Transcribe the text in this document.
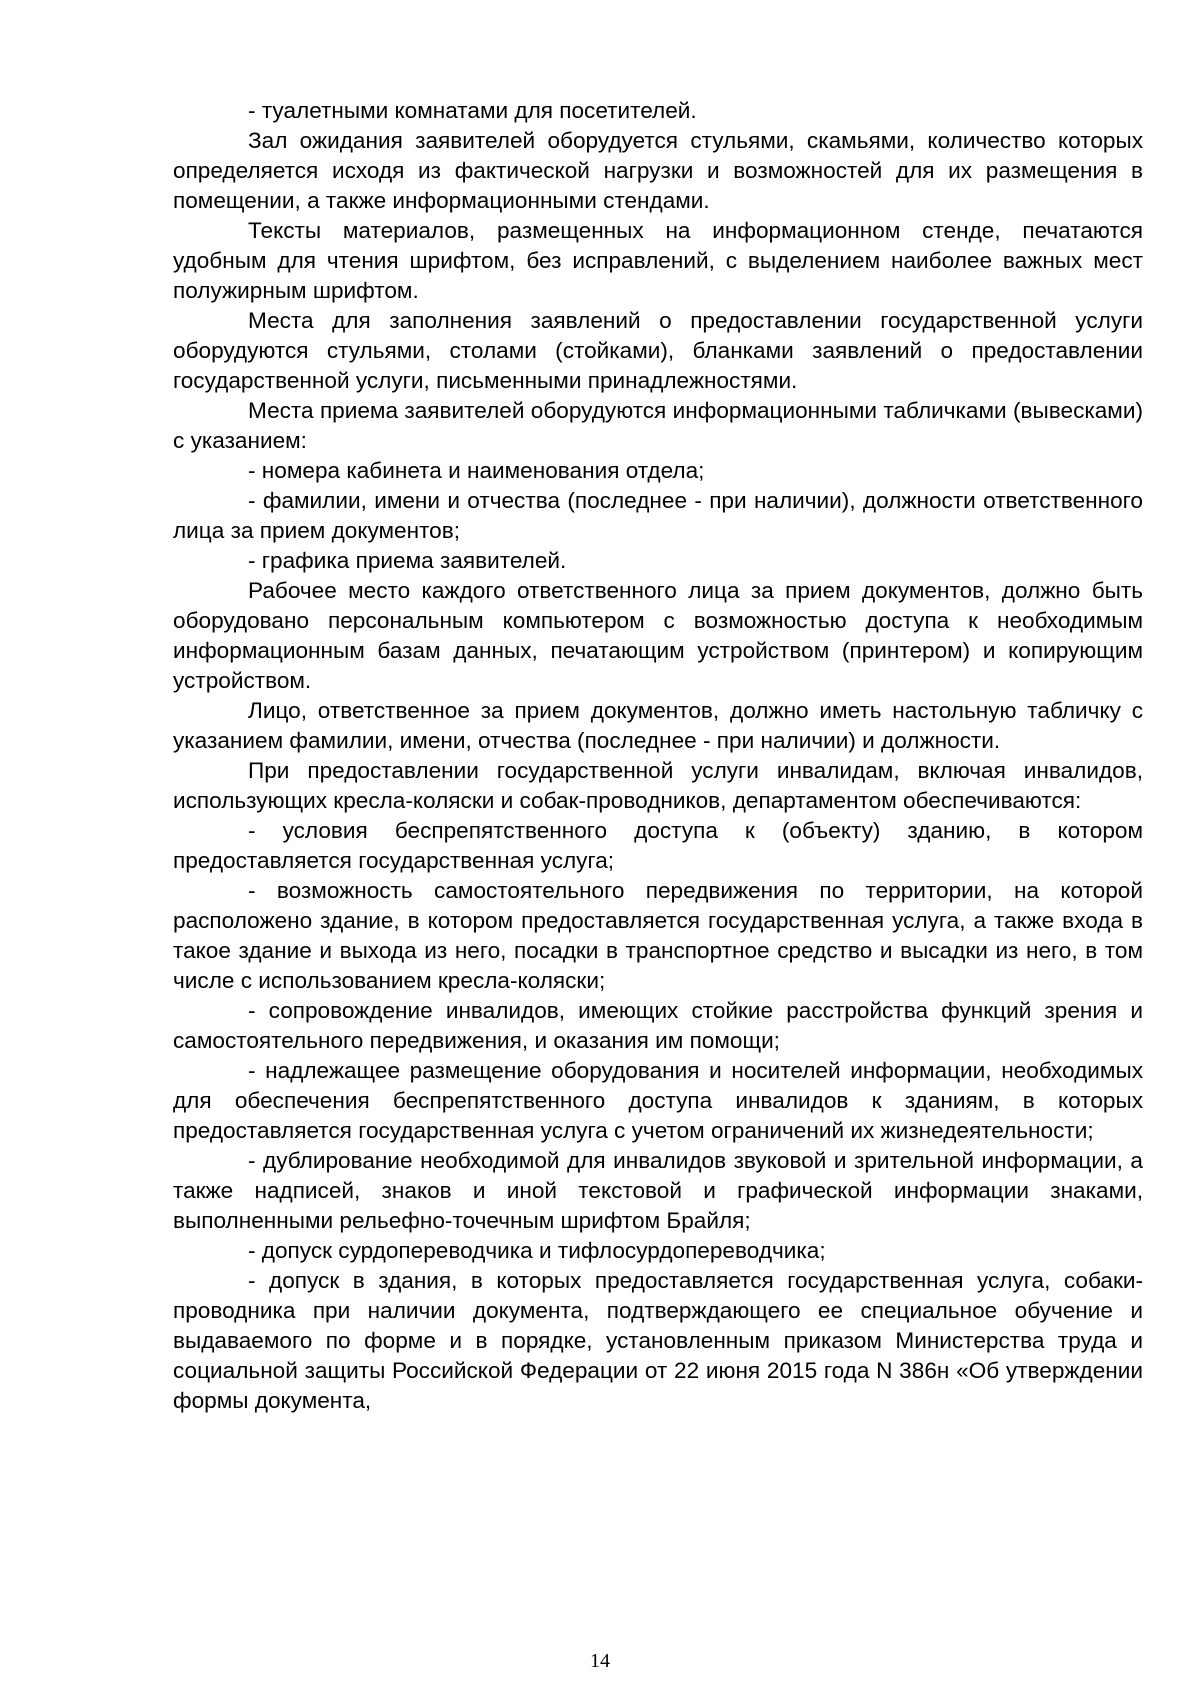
- туалетными комнатами для посетителей.

Зал ожидания заявителей оборудуется стульями, скамьями, количество которых определяется исходя из фактической нагрузки и возможностей для их размещения в помещении, а также информационными стендами.

Тексты материалов, размещенных на информационном стенде, печатаются удобным для чтения шрифтом, без исправлений, с выделением наиболее важных мест полужирным шрифтом.

Места для заполнения заявлений о предоставлении государственной услуги оборудуются стульями, столами (стойками), бланками заявлений о предоставлении государственной услуги, письменными принадлежностями.

Места приема заявителей оборудуются информационными табличками (вывесками) с указанием:

- номера кабинета и наименования отдела;

- фамилии, имени и отчества (последнее - при наличии), должности ответственного лица за прием документов;

- графика приема заявителей.

Рабочее место каждого ответственного лица за прием документов, должно быть оборудовано персональным компьютером с возможностью доступа к необходимым информационным базам данных, печатающим устройством (принтером) и копирующим устройством.

Лицо, ответственное за прием документов, должно иметь настольную табличку с указанием фамилии, имени, отчества (последнее - при наличии) и должности.

При предоставлении государственной услуги инвалидам, включая инвалидов, использующих кресла-коляски и собак-проводников, департаментом обеспечиваются:

- условия беспрепятственного доступа к (объекту) зданию, в котором предоставляется государственная услуга;

- возможность самостоятельного передвижения по территории, на которой расположено здание, в котором предоставляется государственная услуга, а также входа в такое здание и выхода из него, посадки в транспортное средство и высадки из него, в том числе с использованием кресла-коляски;

- сопровождение инвалидов, имеющих стойкие расстройства функций зрения и самостоятельного передвижения, и оказания им помощи;

- надлежащее размещение оборудования и носителей информации, необходимых для обеспечения беспрепятственного доступа инвалидов к зданиям, в которых предоставляется государственная услуга с учетом ограничений их жизнедеятельности;

- дублирование необходимой для инвалидов звуковой и зрительной информации, а также надписей, знаков и иной текстовой и графической информации знаками, выполненными рельефно-точечным шрифтом Брайля;

- допуск сурдопереводчика и тифлосурдопереводчика;

- допуск в здания, в которых предоставляется государственная услуга, собаки-проводника при наличии документа, подтверждающего ее специальное обучение и выдаваемого по форме и в порядке, установленным приказом Министерства труда и социальной защиты Российской Федерации от 22 июня 2015 года N 386н «Об утверждении формы документа,

14
